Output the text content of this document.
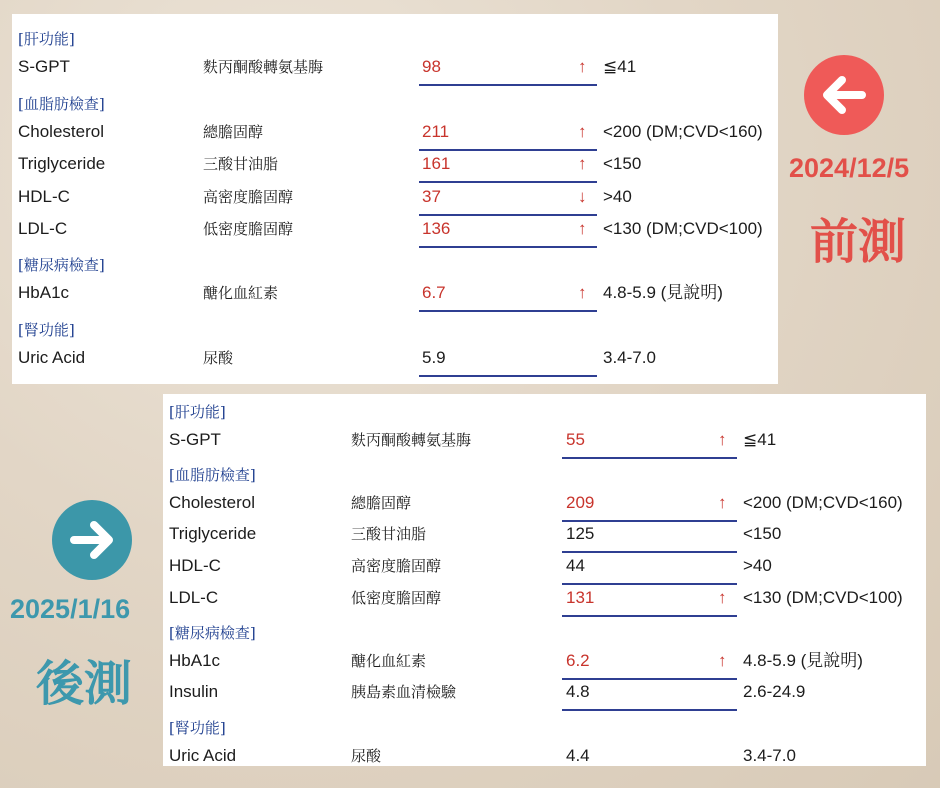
[肝功能]
S-GPT	麩丙酮酸轉氨基脢	98	↑ ≦41
[血脂肪檢查]
Cholesterol	總膽固醇	211	↑ <200 (DM;CVD<160)
Triglyceride	三酸甘油脂	161	↑ <150
HDL-C	高密度膽固醇	37	↓ >40
LDL-C	低密度膽固醇	136	↑ <130 (DM;CVD<100)
[糖尿病檢查]
HbA1c	醣化血紅素	6.7	↑ 4.8-5.9 (見說明)
[腎功能]
Uric Acid	尿酸	5.9	3.4-7.0
[肝功能]
S-GPT	麩丙酮酸轉氨基脢	55	↑ ≦41
[血脂肪檢查]
Cholesterol	總膽固醇	209	↑ <200 (DM;CVD<160)
Triglyceride	三酸甘油脂	125	<150
HDL-C	高密度膽固醇	44	>40
LDL-C	低密度膽固醇	131	↑ <130 (DM;CVD<100)
[糖尿病檢查]
HbA1c	醣化血紅素	6.2	↑ 4.8-5.9 (見說明)
Insulin	胰島素血清檢驗	4.8	2.6-24.9
[腎功能]
Uric Acid	尿酸	4.4	3.4-7.0
2024/12/5
前測
2025/1/16
後測
